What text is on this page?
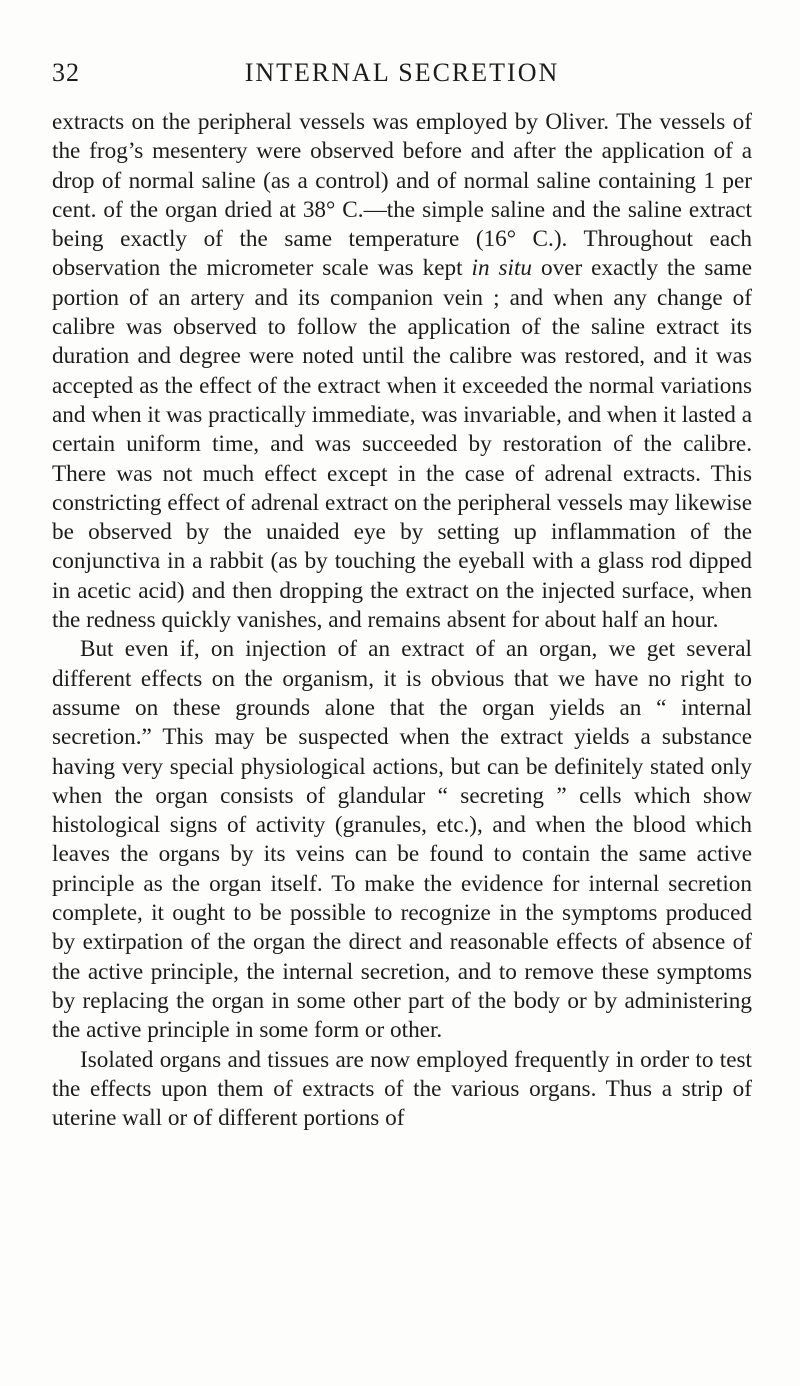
32	INTERNAL SECRETION

extracts on the peripheral vessels was employed by Oliver. The vessels of the frog’s mesentery were observed before and after the application of a drop of normal saline (as a control) and of normal saline containing 1 per cent. of the organ dried at 38° C.—the simple saline and the saline extract being exactly of the same temperature (16° C.). Throughout each observation the micrometer scale was kept in situ over exactly the same portion of an artery and its companion vein ; and when any change of calibre was observed to follow the application of the saline extract its duration and degree were noted until the calibre was restored, and it was accepted as the effect of the extract when it exceeded the normal variations and when it was practically immediate, was invariable, and when it lasted a certain uniform time, and was succeeded by restoration of the calibre. There was not much effect except in the case of adrenal extracts. This constricting effect of adrenal extract on the peripheral vessels may likewise be observed by the unaided eye by setting up inflammation of the conjunctiva in a rabbit (as by touching the eyeball with a glass rod dipped in acetic acid) and then dropping the extract on the injected surface, when the redness quickly vanishes, and remains absent for about half an hour.

But even if, on injection of an extract of an organ, we get several different effects on the organism, it is obvious that we have no right to assume on these grounds alone that the organ yields an “ internal secretion.” This may be suspected when the extract yields a substance having very special physiological actions, but can be definitely stated only when the organ consists of glandular “ secreting ” cells which show histological signs of activity (granules, etc.), and when the blood which leaves the organs by its veins can be found to contain the same active principle as the organ itself. To make the evidence for internal secretion complete, it ought to be possible to recognize in the symptoms produced by extirpation of the organ the direct and reasonable effects of absence of the active principle, the internal secretion, and to remove these symptoms by replacing the organ in some other part of the body or by administering the active principle in some form or other.

Isolated organs and tissues are now employed frequently in order to test the effects upon them of extracts of the various organs. Thus a strip of uterine wall or of different portions of
